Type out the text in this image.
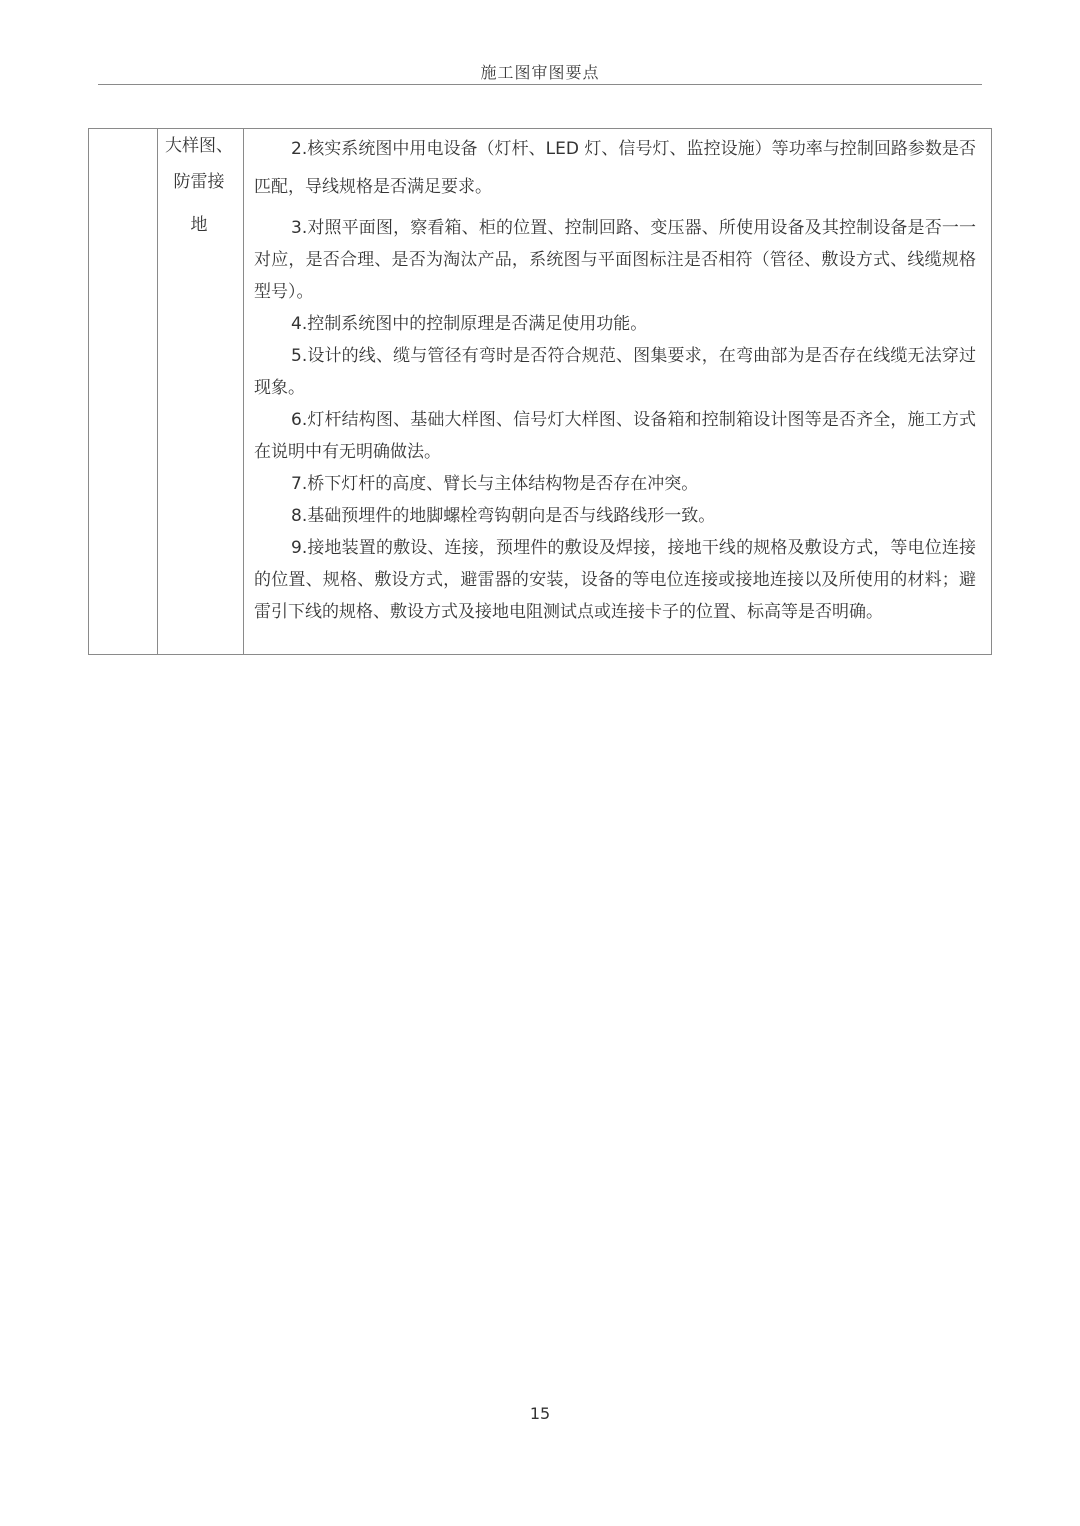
施工图审图要点
大样图、
防雷接
地

2.核实系统图中用电设备（灯杆、LED 灯、信号灯、监控设施）等功率与控制回路参数是否匹配，导线规格是否满足要求。

3.对照平面图，察看箱、柜的位置、控制回路、变压器、所使用设备及其控制设备是否一一对应，是否合理、是否为淘汰产品，系统图与平面图标注是否相符（管径、敷设方式、线缆规格型号）。

4.控制系统图中的控制原理是否满足使用功能。

5.设计的线、缆与管径有弯时是否符合规范、图集要求，在弯曲部为是否存在线缆无法穿过现象。

6.灯杆结构图、基础大样图、信号灯大样图、设备箱和控制箱设计图等是否齐全，施工方式在说明中有无明确做法。

7.桥下灯杆的高度、臂长与主体结构物是否存在冲突。

8.基础预埋件的地脚螺栓弯钩朝向是否与线路线形一致。

9.接地装置的敷设、连接，预埋件的敷设及焊接，接地干线的规格及敷设方式，等电位连接的位置、规格、敷设方式，避雷器的安装，设备的等电位连接或接地连接以及所使用的材料；避雷引下线的规格、敷设方式及接地电阻测试点或连接卡子的位置、标高等是否明确。

15
